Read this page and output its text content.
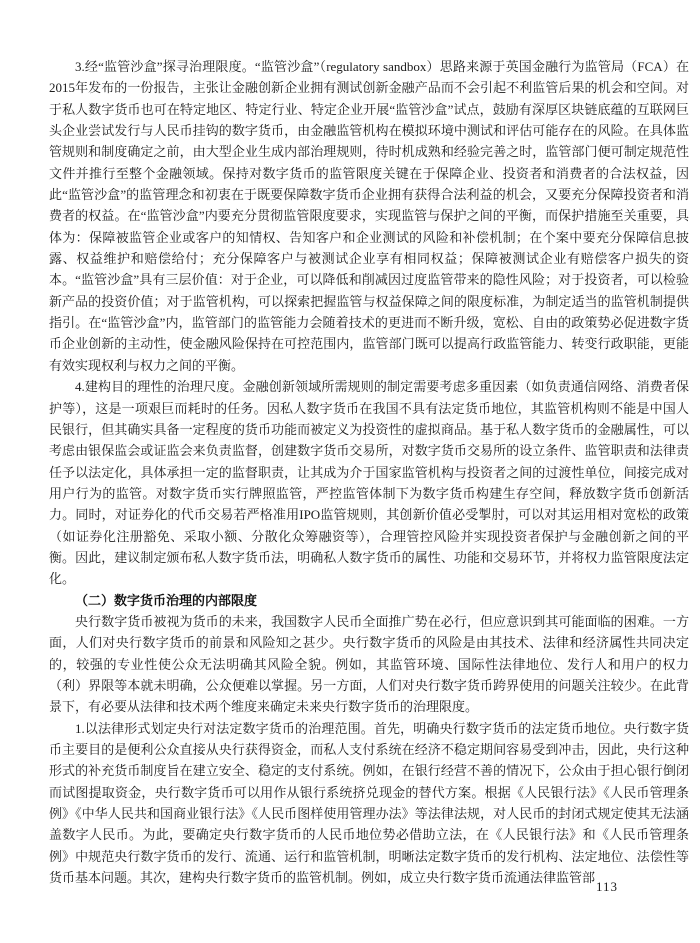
3.经“监管沙盒”探寻治理限度。“监管沙盒”（regulatory sandbox）思路来源于英国金融行为监管局（FCA）在2015年发布的一份报告，主张让金融创新企业拥有测试创新金融产品而不会引起不利监管后果的机会和空间。对于私人数字货币也可在特定地区、特定行业、特定企业开展“监管沙盒”试点，鼓励有深厚区块链底蕴的互联网巨头企业尝试发行与人民币挂钩的数字货币，由金融监管机构在模拟环境中测试和评估可能存在的风险。在具体监管规则和制度确定之前，由大型企业生成内部治理规则，待时机成熟和经验完善之时，监管部门便可制定规范性文件并推行至整个金融领域。保持对数字货币的监管限度关键在于保障企业、投资者和消费者的合法权益，因此“监管沙盒”的监管理念和初衷在于既要保障数字货币企业拥有获得合法利益的机会，又要充分保障投资者和消费者的权益。在“监管沙盒”内要充分贯彻监管限度要求，实现监管与保护之间的平衡，而保护措施至关重要，具体为：保障被监管企业或客户的知情权、告知客户和企业测试的风险和补偿机制；在个案中要充分保障信息披露、权益维护和赔偿给付；充分保障客户与被测试企业享有相同权益；保障被测试企业有赔偿客户损失的资本。“监管沙盒”具有三层价值：对于企业，可以降低和削减因过度监管带来的隐性风险；对于投资者，可以检验新产品的投资价值；对于监管机构，可以探索把握监管与权益保障之间的限度标准，为制定适当的监管机制提供指引。在“监管沙盒”内，监管部门的监管能力会随着技术的更进而不断升级，宽松、自由的政策势必促进数字货币企业创新的主动性，使金融风险保持在可控范围内，监管部门既可以提高行政监管能力、转变行政职能，更能有效实现权利与权力之间的平衡。

4.建构目的理性的治理尺度。金融创新领域所需规则的制定需要考虑多重因素（如负责通信网络、消费者保护等），这是一项艰巨而耗时的任务。因私人数字货币在我国不具有法定货币地位，其监管机构则不能是中国人民银行，但其确实具备一定程度的货币功能而被定义为投资性的虚拟商品。基于私人数字货币的金融属性，可以考虑由银保监会或证监会来负责监督，创建数字货币交易所，对数字货币交易所的设立条件、监管职责和法律责任予以法定化，具体承担一定的监督职责，让其成为介于国家监管机构与投资者之间的过渡性单位，间接完成对用户行为的监管。对数字货币实行牌照监管，严控监管体制下为数字货币构建生存空间，释放数字货币创新活力。同时，对证券化的代币交易若严格准用IPO监管规则，其创新价值必受掣肘，可以对其运用相对宽松的政策（如证券化注册豁免、采取小额、分散化众筹融资等），合理管控风险并实现投资者保护与金融创新之间的平衡。因此，建议制定颁布私人数字货币法，明确私人数字货币的属性、功能和交易环节，并将权力监管限度法定化。

（二）数字货币治理的内部限度

央行数字货币被视为货币的未来，我国数字人民币全面推广势在必行，但应意识到其可能面临的困难。一方面，人们对央行数字货币的前景和风险知之甚少。央行数字货币的风险是由其技术、法律和经济属性共同决定的，较强的专业性使公众无法明确其风险全貌。例如，其监管环境、国际性法律地位、发行人和用户的权力（利）界限等本就未明确，公众便难以掌握。另一方面，人们对央行数字货币跨界使用的问题关注较少。在此背景下，有必要从法律和技术两个维度来确定未来央行数字货币的治理限度。

1.以法律形式划定央行对法定数字货币的治理范围。首先，明确央行数字货币的法定货币地位。央行数字货币主要目的是便利公众直接从央行获得资金，而私人支付系统在经济不稳定期间容易受到冲击，因此，央行这种形式的补充货币制度旨在建立安全、稳定的支付系统。例如，在银行经营不善的情况下，公众由于担心银行倒闭而试图提取资金，央行数字货币可以用作从银行系统挤兑现金的替代方案。根据《人民银行法》《人民币管理条例》《中华人民共和国商业银行法》《人民币图样使用管理办法》等法律法规，对人民币的封闭式规定使其无法涵盖数字人民币。为此，要确定央行数字货币的人民币地位势必借助立法，在《人民银行法》和《人民币管理条例》中规范央行数字货币的发行、流通、运行和监管机制，明晰法定数字货币的发行机构、法定地位、法偿性等货币基本问题。其次，建构央行数字货币的监管机制。例如，成立央行数字货币流通法律监管部

113
